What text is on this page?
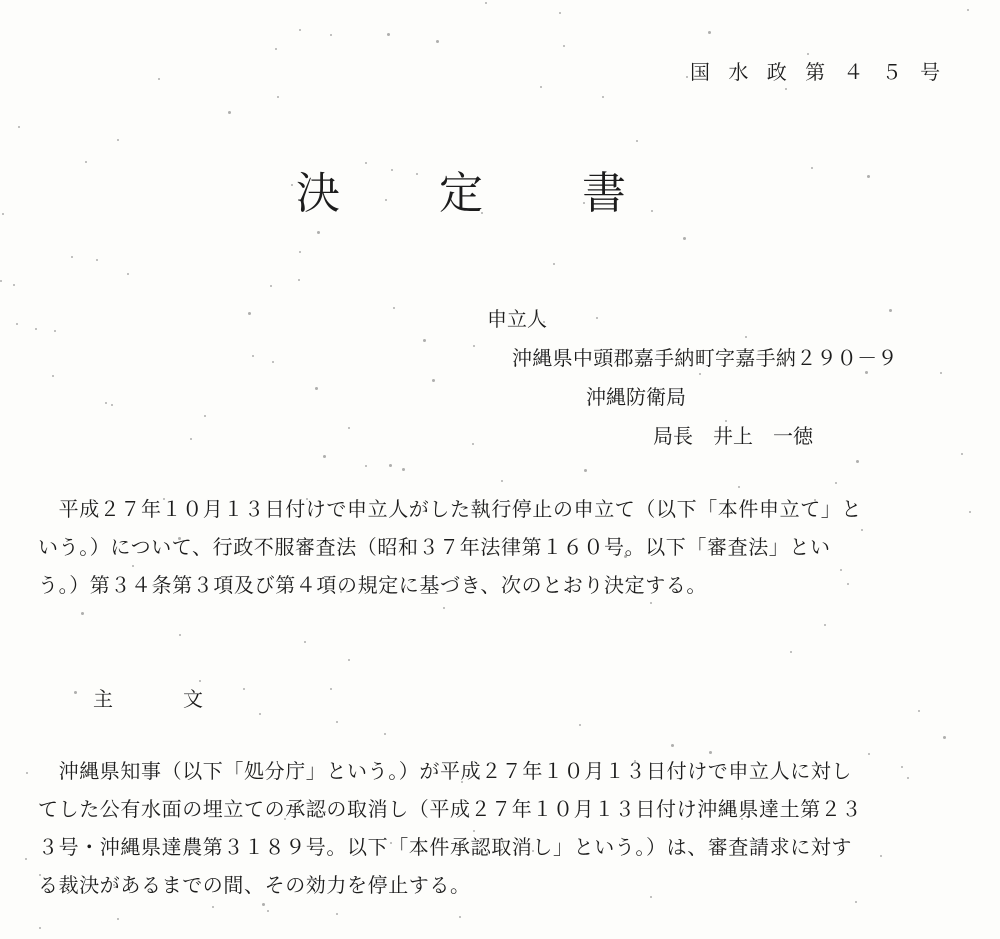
国 水 政 第 ４ ５ 号
決 定 書
申立人
沖縄県中頭郡嘉手納町字嘉手納２９０－９
沖縄防衛局
局長　井上　一徳

　平成２７年１０月１３日付けで申立人がした執行停止の申立て（以下「本件申立て」と

いう。）について、行政不服審査法（昭和３７年法律第１６０号。以下「審査法」とい

う。）第３４条第３項及び第４項の規定に基づき、次のとおり決定する。

主	文

　沖縄県知事（以下「処分庁」という。）が平成２７年１０月１３日付けで申立人に対し

てした公有水面の埋立ての承認の取消し（平成２７年１０月１３日付け沖縄県達土第２３

３号・沖縄県達農第３１８９号。以下「本件承認取消し」という。）は、審査請求に対す

る裁決があるまでの間、その効力を停止する。
